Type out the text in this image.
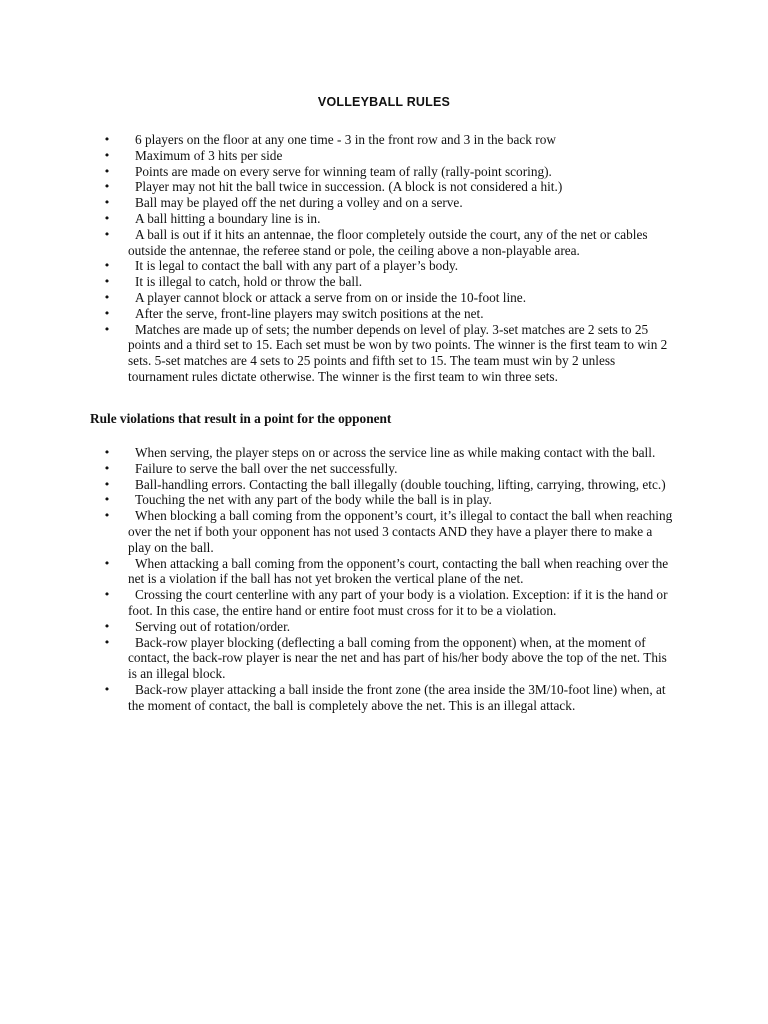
VOLLEYBALL RULES
•	6 players on the floor at any one time - 3 in the front row and 3 in the back row
•	Maximum of 3 hits per side
•	Points are made on every serve for winning team of rally (rally-point scoring).
•	Player may not hit the ball twice in succession. (A block is not considered a hit.)
•	Ball may be played off the net during a volley and on a serve.
•	A ball hitting a boundary line is in.
•	A ball is out if it hits an antennae, the floor completely outside the court, any of the net or cables outside the antennae, the referee stand or pole, the ceiling above a non-playable area.
•	It is legal to contact the ball with any part of a player’s body.
•	It is illegal to catch, hold or throw the ball.
•	A player cannot block or attack a serve from on or inside the 10-foot line.
•	After the serve, front-line players may switch positions at the net.
•	Matches are made up of sets; the number depends on level of play. 3-set matches are 2 sets to 25 points and a third set to 15. Each set must be won by two points. The winner is the first team to win 2 sets. 5-set matches are 4 sets to 25 points and fifth set to 15. The team must win by 2 unless tournament rules dictate otherwise. The winner is the first team to win three sets.
Rule violations that result in a point for the opponent
•	When serving, the player steps on or across the service line as while making contact with the ball.
•	Failure to serve the ball over the net successfully.
•	Ball-handling errors. Contacting the ball illegally (double touching, lifting, carrying, throwing, etc.)
•	Touching the net with any part of the body while the ball is in play.
•	When blocking a ball coming from the opponent’s court, it’s illegal to contact the ball when reaching over the net if both your opponent has not used 3 contacts AND they have a player there to make a play on the ball.
•	When attacking a ball coming from the opponent’s court, contacting the ball when reaching over the net is a violation if the ball has not yet broken the vertical plane of the net.
•	Crossing the court centerline with any part of your body is a violation. Exception: if it is the hand or foot. In this case, the entire hand or entire foot must cross for it to be a violation.
•	Serving out of rotation/order.
•	Back-row player blocking (deflecting a ball coming from the opponent) when, at the moment of contact, the back-row player is near the net and has part of his/her body above the top of the net. This is an illegal block.
•	Back-row player attacking a ball inside the front zone (the area inside the 3M/10-foot line) when, at the moment of contact, the ball is completely above the net. This is an illegal attack.
